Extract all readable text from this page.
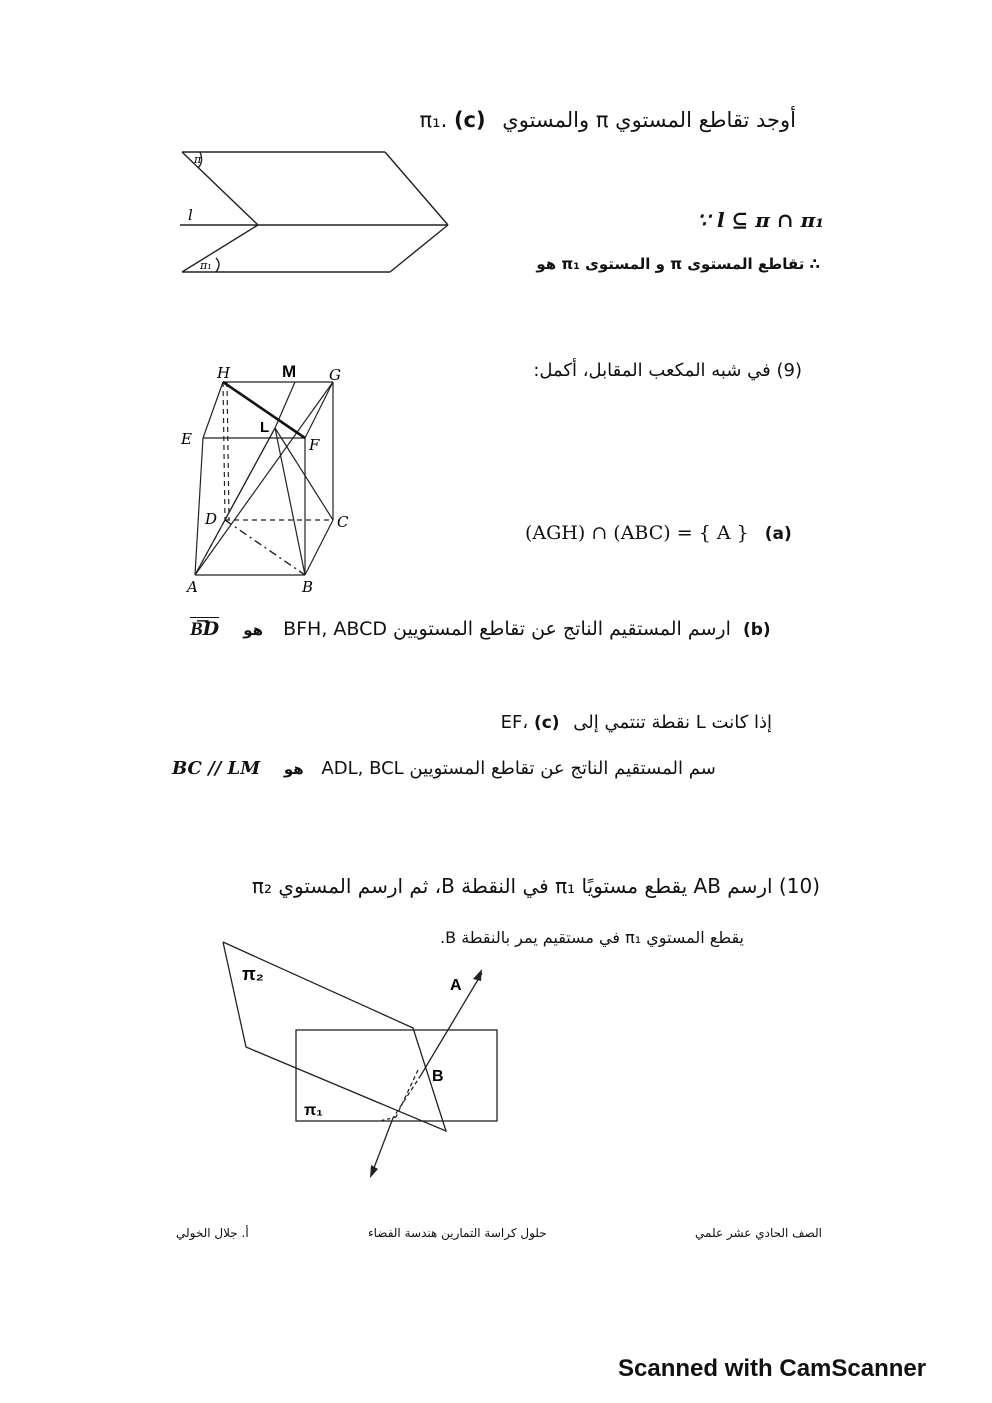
أوجد تقاطع المستوي π والمستوي π₁. (c)
∵ l ⊆ π ∩ π₁
∴ تقاطع المستوى π و المستوى π₁ هو
π
l
π₁
(9) في شبه المكعب المقابل، أكمل:
(AGH) ∩ (ABC) = { A } (a)
B͞D هو ارسم المستقيم الناتج عن تقاطع المستويين BFH, ABCD (b)
إذا كانت L نقطة تنتمي إلى EF، (c)
BC // LM هو سم المستقيم الناتج عن تقاطع المستويين ADL, BCL
H	G
E	F
D	C
A	B
M
L
(10) ارسم AB يقطع مستويًا π₁ في النقطة B، ثم ارسم المستوي π₂
يقطع المستوي π₁ في مستقيم يمر بالنقطة B.
π₂
A
B
π₁
الصف الحادي عشر علمي
حلول كراسة التمارين هندسة الفضاء
أ. جلال الخولي
Scanned with CamScanner
